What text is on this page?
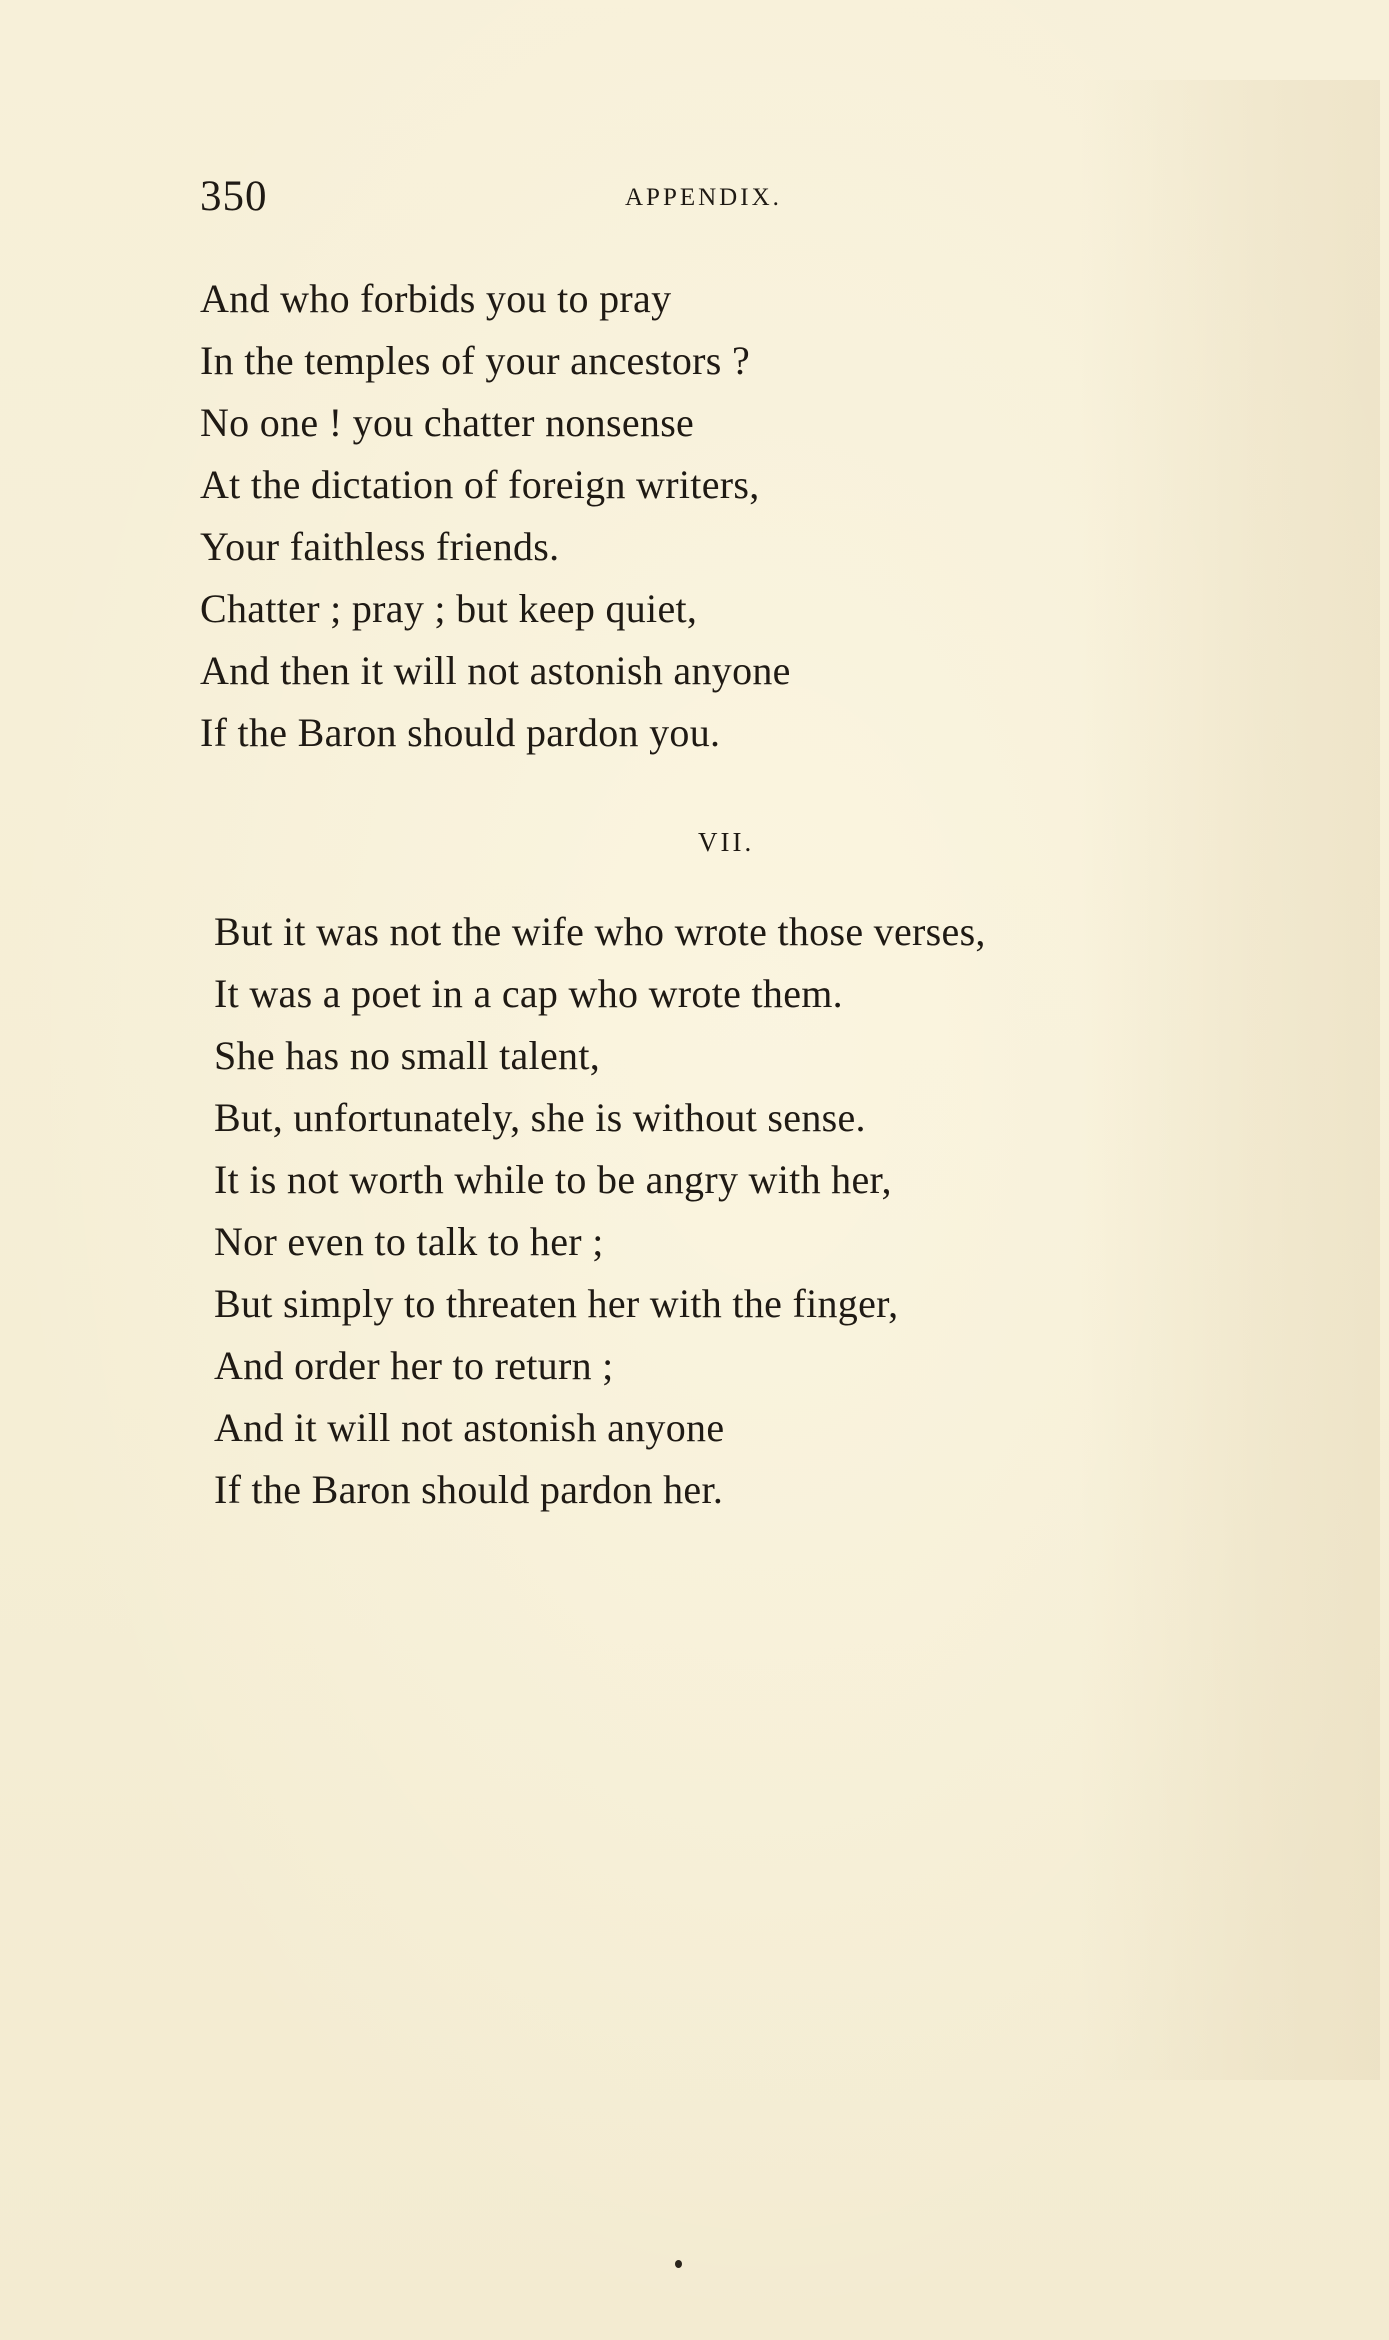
350	APPENDIX.
And who forbids you to pray
In the temples of your ancestors ?
No one ! you chatter nonsense
At the dictation of foreign writers,
Your faithless friends.
Chatter ; pray ; but keep quiet,
And then it will not astonish anyone
If the Baron should pardon you.
VII.
But it was not the wife who wrote those verses,
It was a poet in a cap who wrote them.
She has no small talent,
But, unfortunately, she is without sense.
It is not worth while to be angry with her,
Nor even to talk to her ;
But simply to threaten her with the finger,
And order her to return ;
And it will not astonish anyone
If the Baron should pardon her.
